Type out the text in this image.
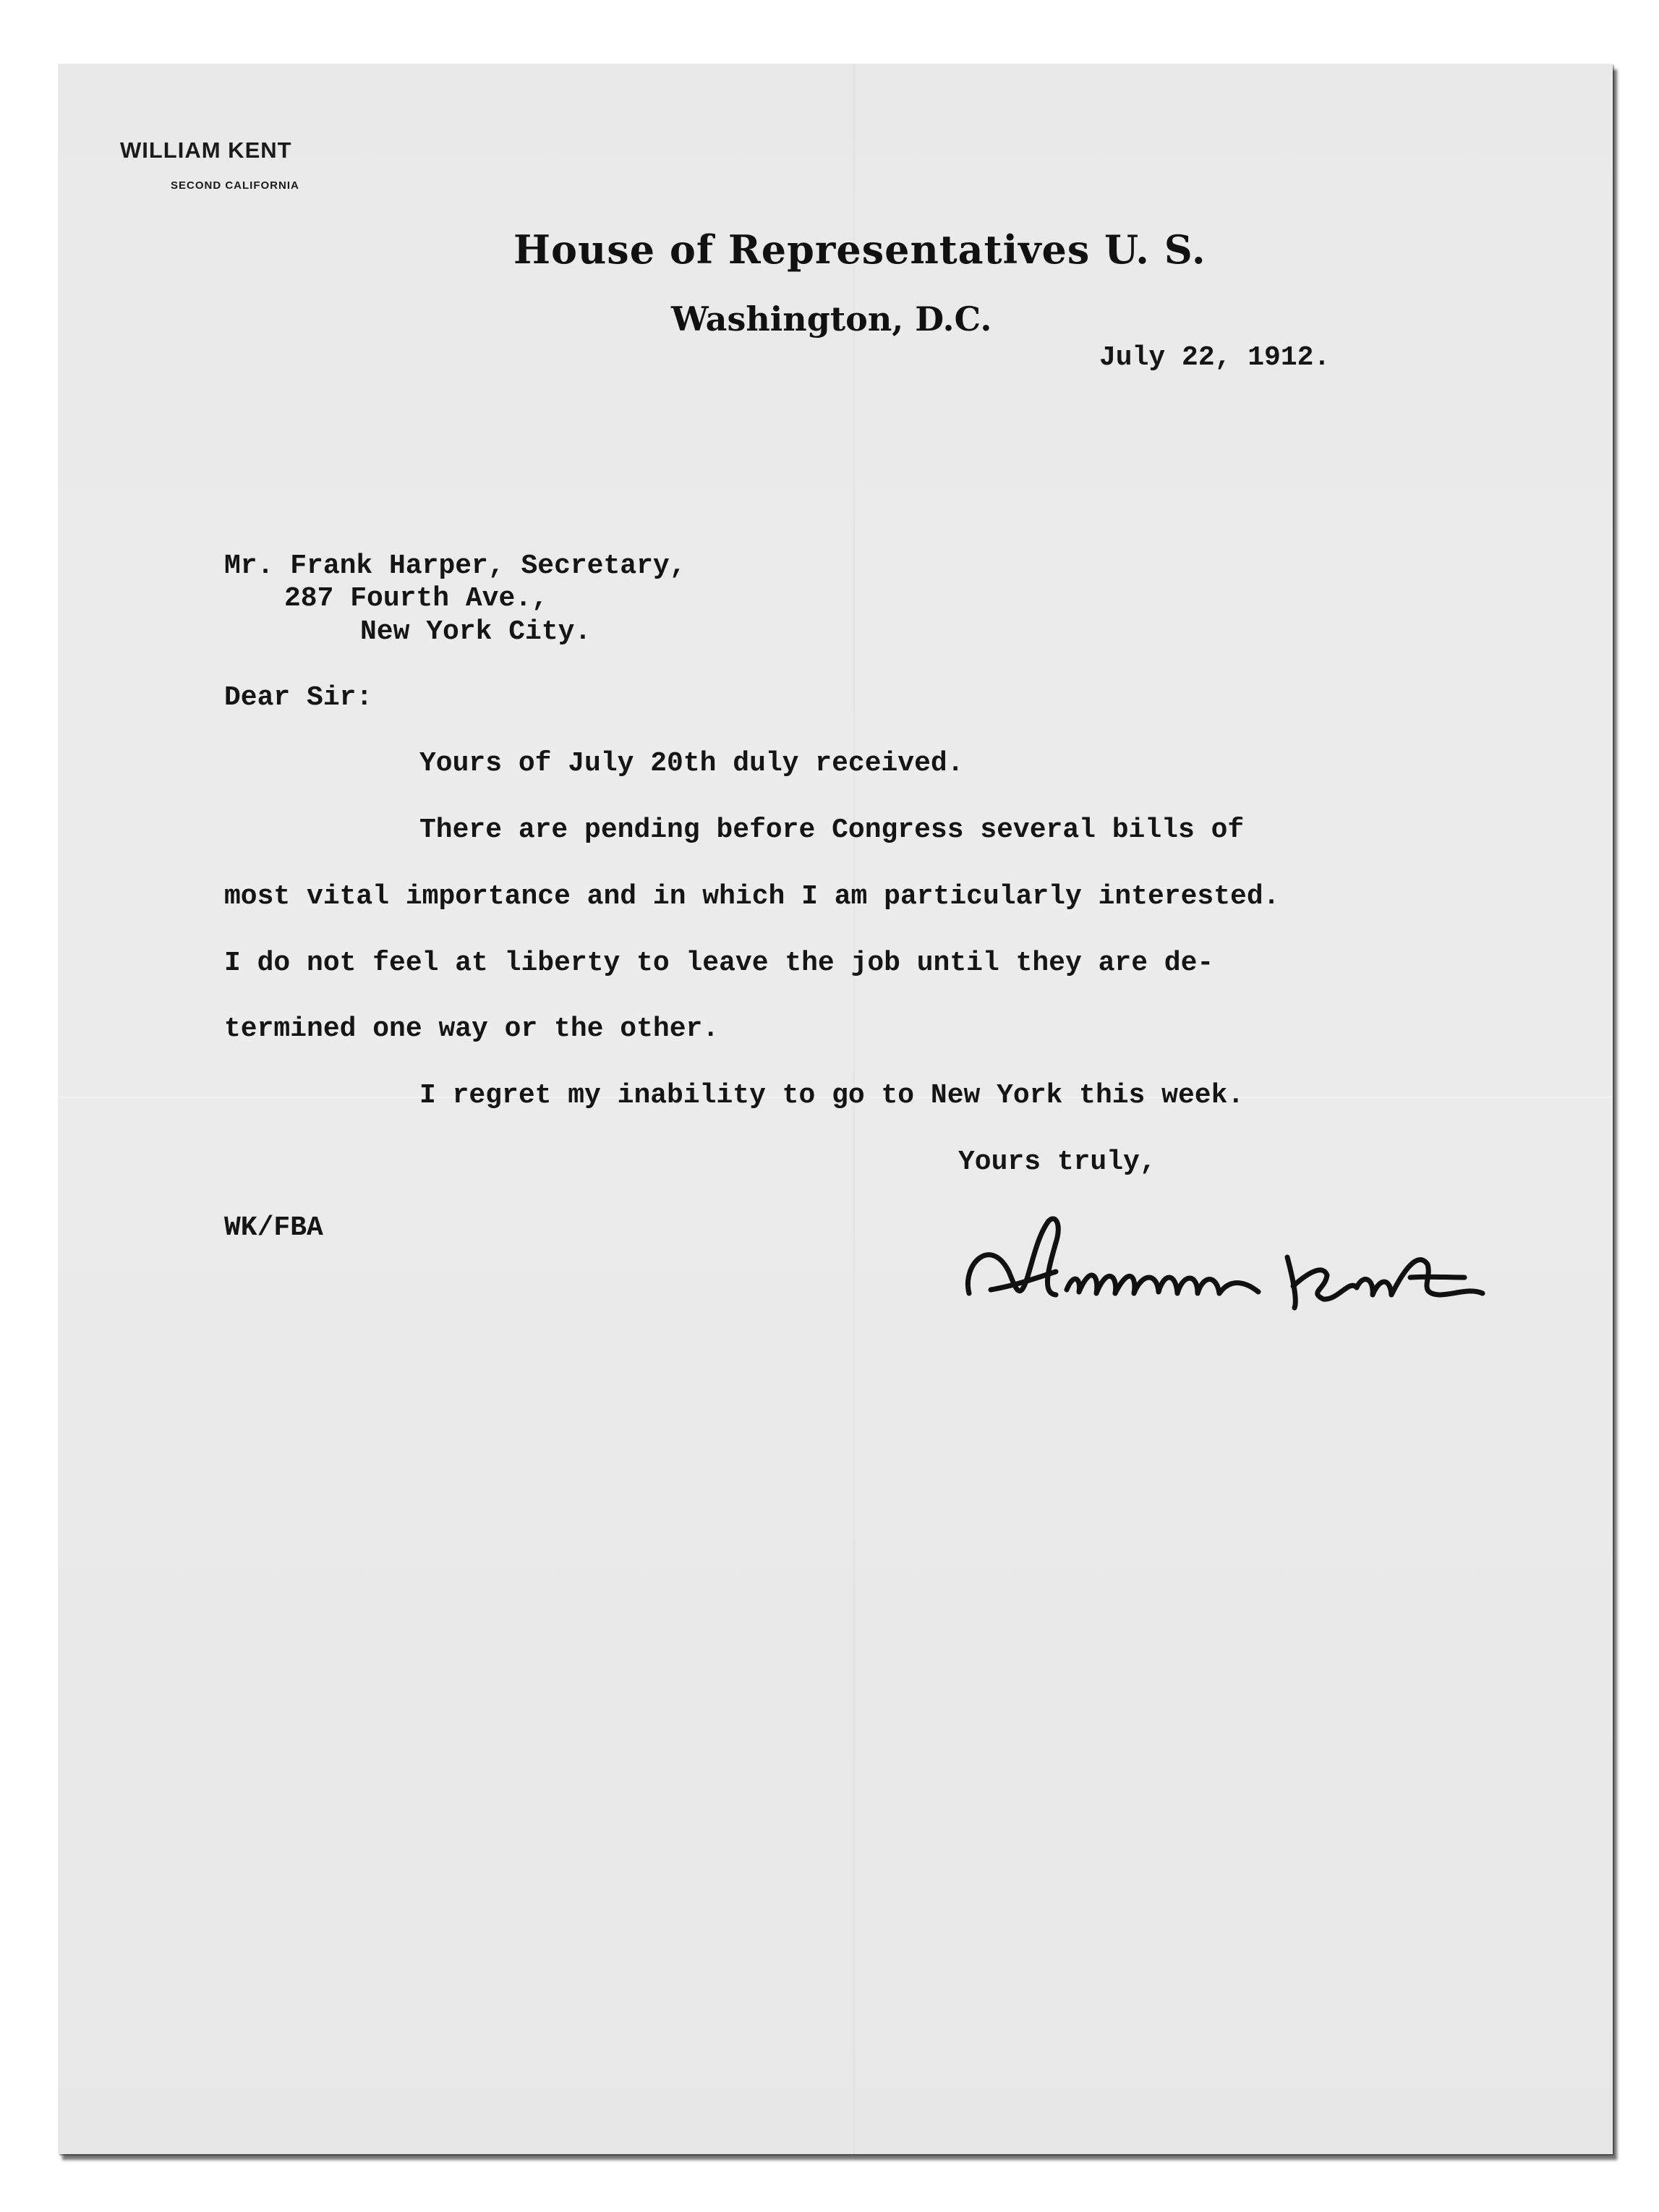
WILLIAM KENT
SECOND CALIFORNIA
House of Representatives U. S.
Washington, D.C.
July 22, 1912.
Mr. Frank Harper, Secretary,
287 Fourth Ave.,
New York City.
Dear Sir:
Yours of July 20th duly received.
There are pending before Congress several bills of
most vital importance and in which I am particularly interested.
I do not feel at liberty to leave the job until they are de-
termined one way or the other.
I regret my inability to go to New York this week.
Yours truly,
WK/FBA
